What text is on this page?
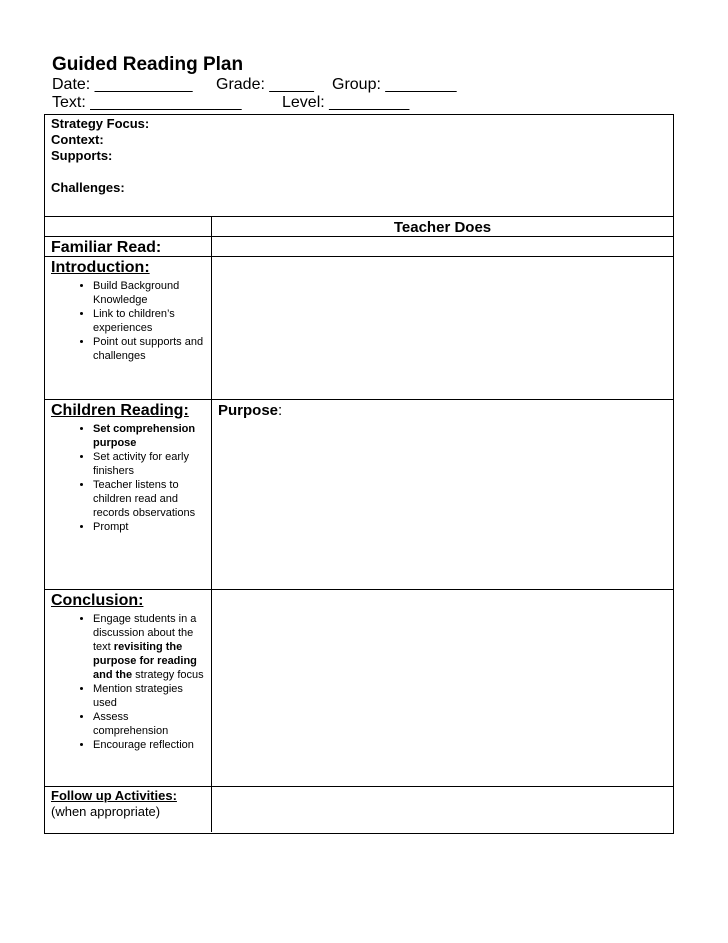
Guided Reading Plan
Date: ___________ Grade: _____ Group: ________
Text: _________________	Level: _________
Strategy Focus:
Context:
Supports:
Challenges:
Teacher Does
Familiar Read:
Introduction:
• Build Background Knowledge
• Link to children’s experiences
• Point out supports and challenges
Children Reading:
• Set comprehension purpose
• Set activity for early finishers
• Teacher listens to children read and records observations
• Prompt
Purpose:
Conclusion:
• Engage students in a discussion about the text revisiting the purpose for reading and the strategy focus
• Mention strategies used
• Assess comprehension
• Encourage reflection
Follow up Activities:
(when appropriate)
